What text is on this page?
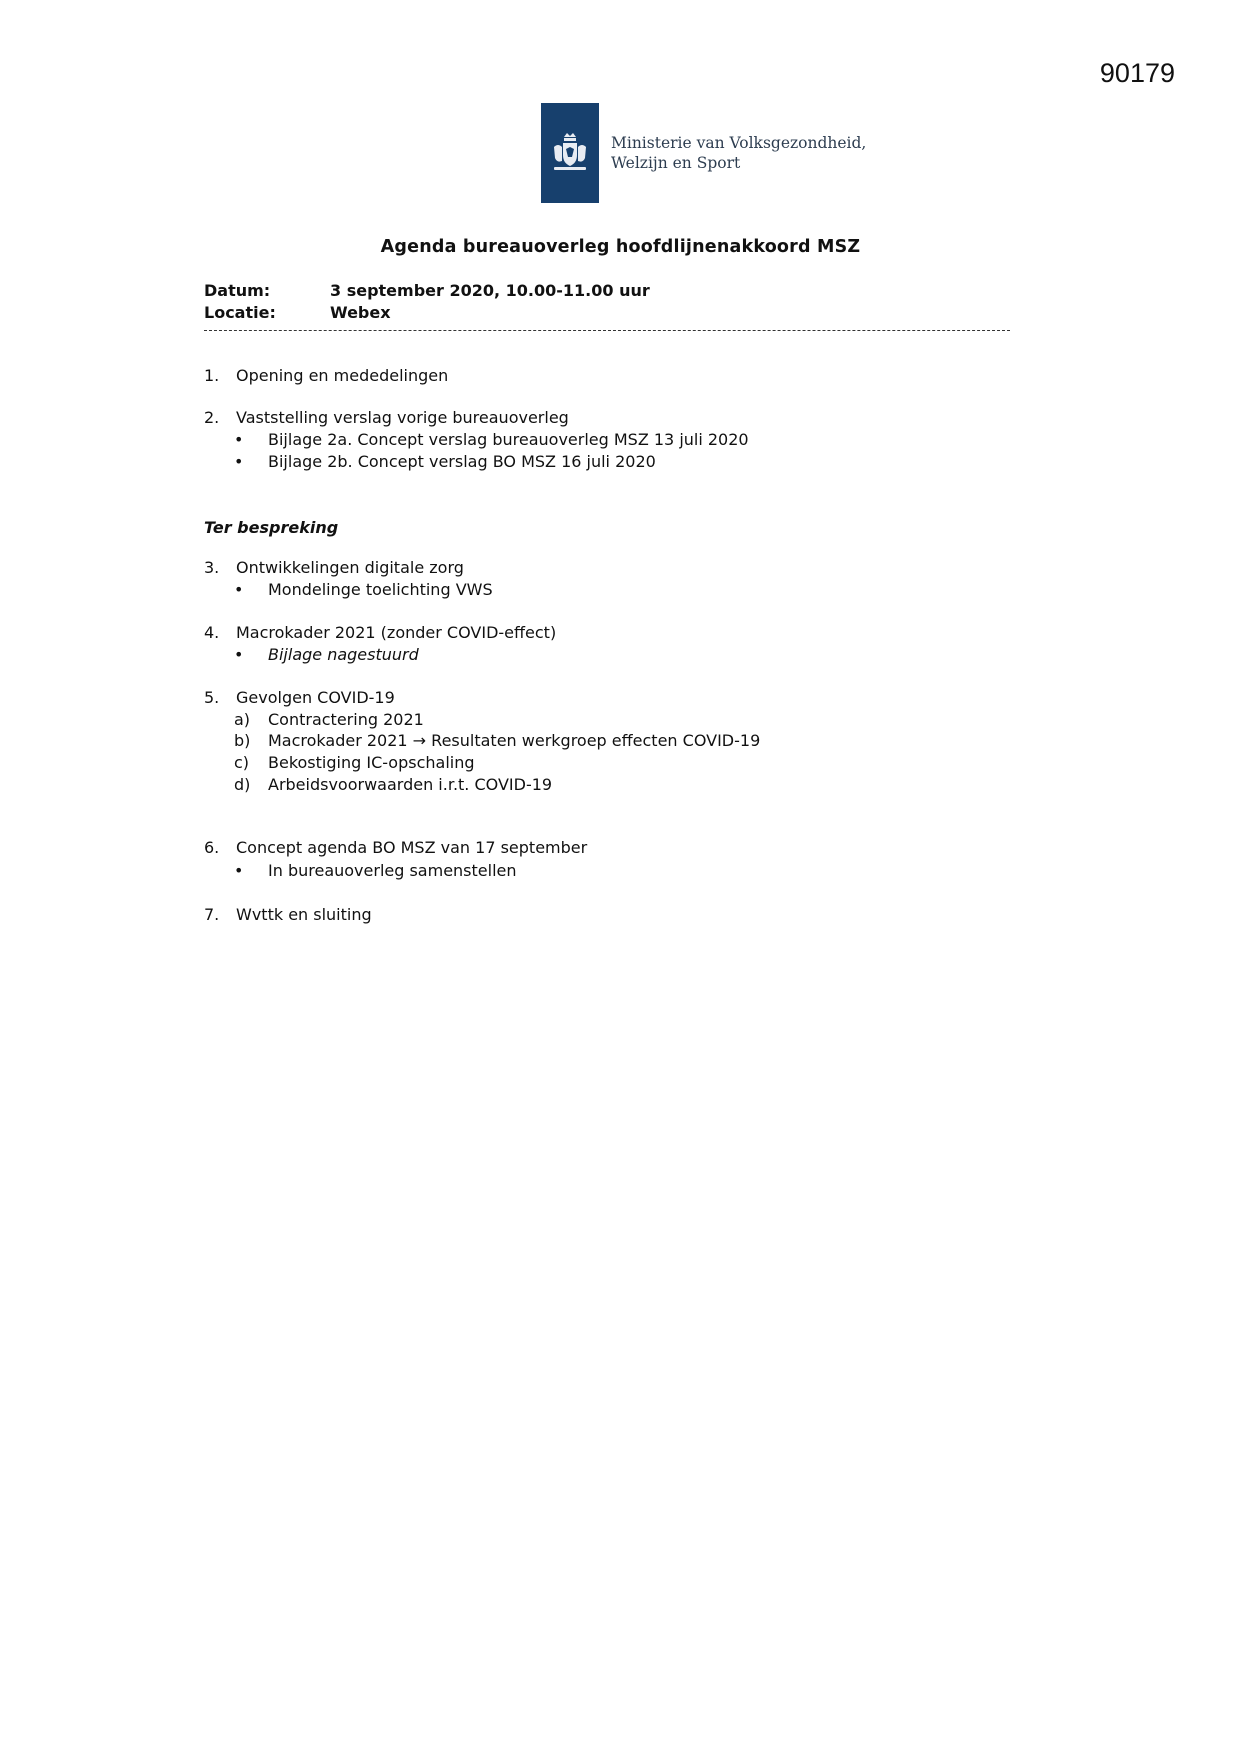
90179
Ministerie van Volksgezondheid,
Welzijn en Sport
Agenda bureauoverleg hoofdlijnenakkoord MSZ
Datum:	3 september 2020, 10.00-11.00 uur
Locatie:	Webex
1. Opening en mededelingen
2. Vaststelling verslag vorige bureauoverleg
• Bijlage 2a. Concept verslag bureauoverleg MSZ 13 juli 2020
• Bijlage 2b. Concept verslag BO MSZ 16 juli 2020
Ter bespreking
3. Ontwikkelingen digitale zorg
• Mondelinge toelichting VWS
4. Macrokader 2021 (zonder COVID-effect)
• Bijlage nagestuurd
5. Gevolgen COVID-19
a) Contractering 2021
b) Macrokader 2021 → Resultaten werkgroep effecten COVID-19
c) Bekostiging IC-opschaling
d) Arbeidsvoorwaarden i.r.t. COVID-19
6. Concept agenda BO MSZ van 17 september
• In bureauoverleg samenstellen
7. Wvttk en sluiting
